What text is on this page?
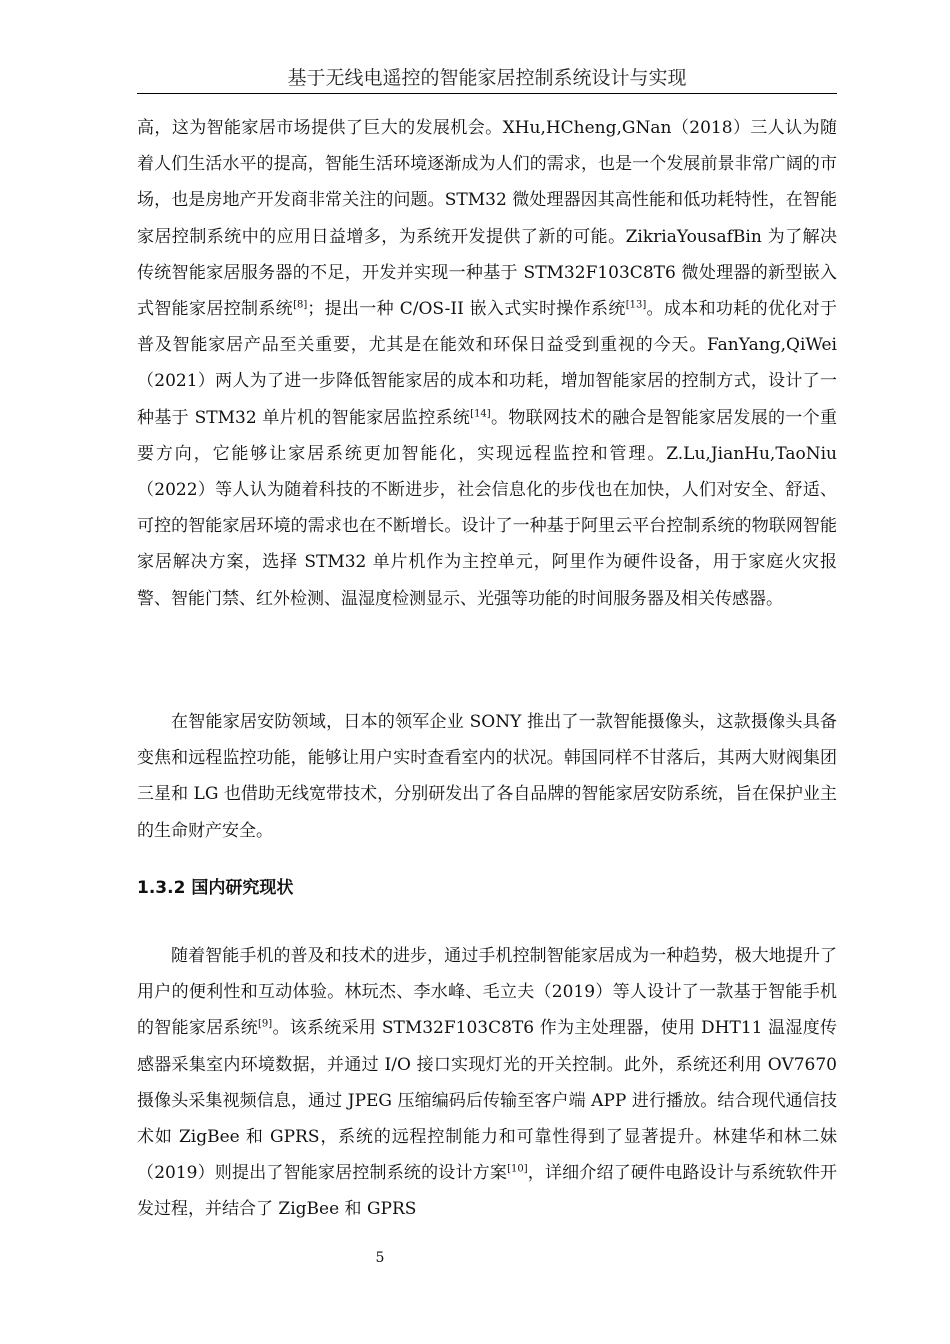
基于无线电遥控的智能家居控制系统设计与实现

高，这为智能家居市场提供了巨大的发展机会。XHu,HCheng,GNan（2018）三人认为随着人们生活水平的提高，智能生活环境逐渐成为人们的需求，也是一个发展前景非常广阔的市场，也是房地产开发商非常关注的问题。STM32 微处理器因其高性能和低功耗特性，在智能家居控制系统中的应用日益增多，为系统开发提供了新的可能。ZikriaYousafBin 为了解决传统智能家居服务器的不足，开发并实现一种基于 STM32F103C8T6 微处理器的新型嵌入式智能家居控制系统[8]；提出一种 C/OS-II 嵌入式实时操作系统[13]。成本和功耗的优化对于普及智能家居产品至关重要，尤其是在能效和环保日益受到重视的今天。FanYang,QiWei（2021）两人为了进一步降低智能家居的成本和功耗，增加智能家居的控制方式，设计了一种基于 STM32 单片机的智能家居监控系统[14]。物联网技术的融合是智能家居发展的一个重要方向，它能够让家居系统更加智能化，实现远程监控和管理。Z.Lu,JianHu,TaoNiu（2022）等人认为随着科技的不断进步，社会信息化的步伐也在加快，人们对安全、舒适、可控的智能家居环境的需求也在不断增长。设计了一种基于阿里云平台控制系统的物联网智能家居解决方案，选择 STM32 单片机作为主控单元，阿里作为硬件设备，用于家庭火灾报警、智能门禁、红外检测、温湿度检测显示、光强等功能的时间服务器及相关传感器。

在智能家居安防领域，日本的领军企业 SONY 推出了一款智能摄像头，这款摄像头具备变焦和远程监控功能，能够让用户实时查看室内的状况。韩国同样不甘落后，其两大财阀集团三星和 LG 也借助无线宽带技术，分别研发出了各自品牌的智能家居安防系统，旨在保护业主的生命财产安全。

1.3.2 国内研究现状

随着智能手机的普及和技术的进步，通过手机控制智能家居成为一种趋势，极大地提升了用户的便利性和互动体验。林玩杰、李水峰、毛立夫（2019）等人设计了一款基于智能手机的智能家居系统[9]。该系统采用 STM32F103C8T6 作为主处理器，使用 DHT11 温湿度传感器采集室内环境数据，并通过 I/O 接口实现灯光的开关控制。此外，系统还利用 OV7670 摄像头采集视频信息，通过 JPEG 压缩编码后传输至客户端 APP 进行播放。结合现代通信技术如 ZigBee 和 GPRS，系统的远程控制能力和可靠性得到了显著提升。林建华和林二妹（2019）则提出了智能家居控制系统的设计方案[10]，详细介绍了硬件电路设计与系统软件开发过程，并结合了 ZigBee 和 GPRS

5
